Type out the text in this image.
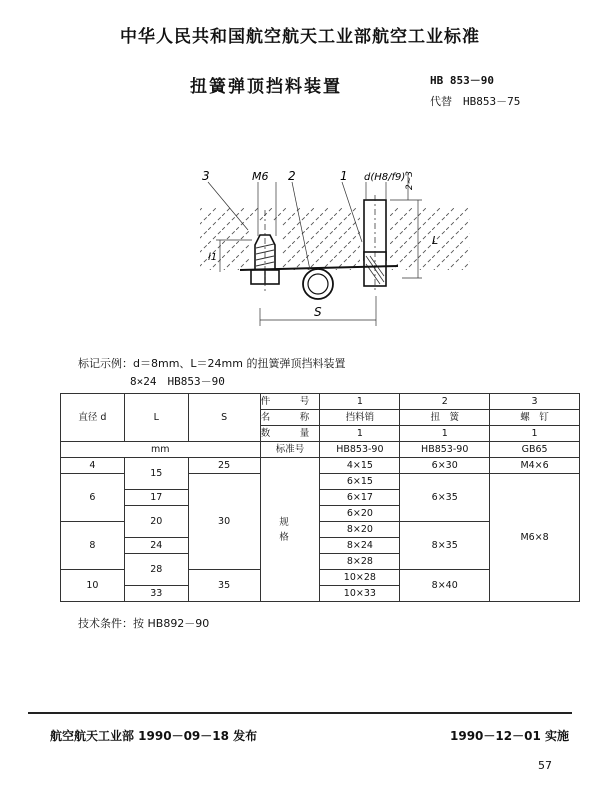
中华人民共和国航空航天工业部航空工业标准
扭簧弹顶挡料装置	HB 853－90
代替　HB853－75
3	M6 2	1 d(H8/f9) 2~3
L
l1
S
标记示例：d＝8mm、L＝24mm 的扭簧弹顶挡料装置
8×24　HB853－90
直径 d	L	S	件　号	1	2	3
			名　称	挡料销	扭　簧	螺　钉
			数　量	1	1	1
mm			标准号	HB853-90	HB853-90	GB65
4	15	25	规　格	4×15	6×30	M4×6
6		30		6×15	6×35	M6×8
	17			6×17		
	20			6×20		
8				8×20	8×35	
	24			8×24		
	28			8×28		
10		35		10×28	8×40	
	33			10×33		
技术条件：按 HB892－90
航空航天工业部 1990－09－18 发布	1990－12－01 实施
57
